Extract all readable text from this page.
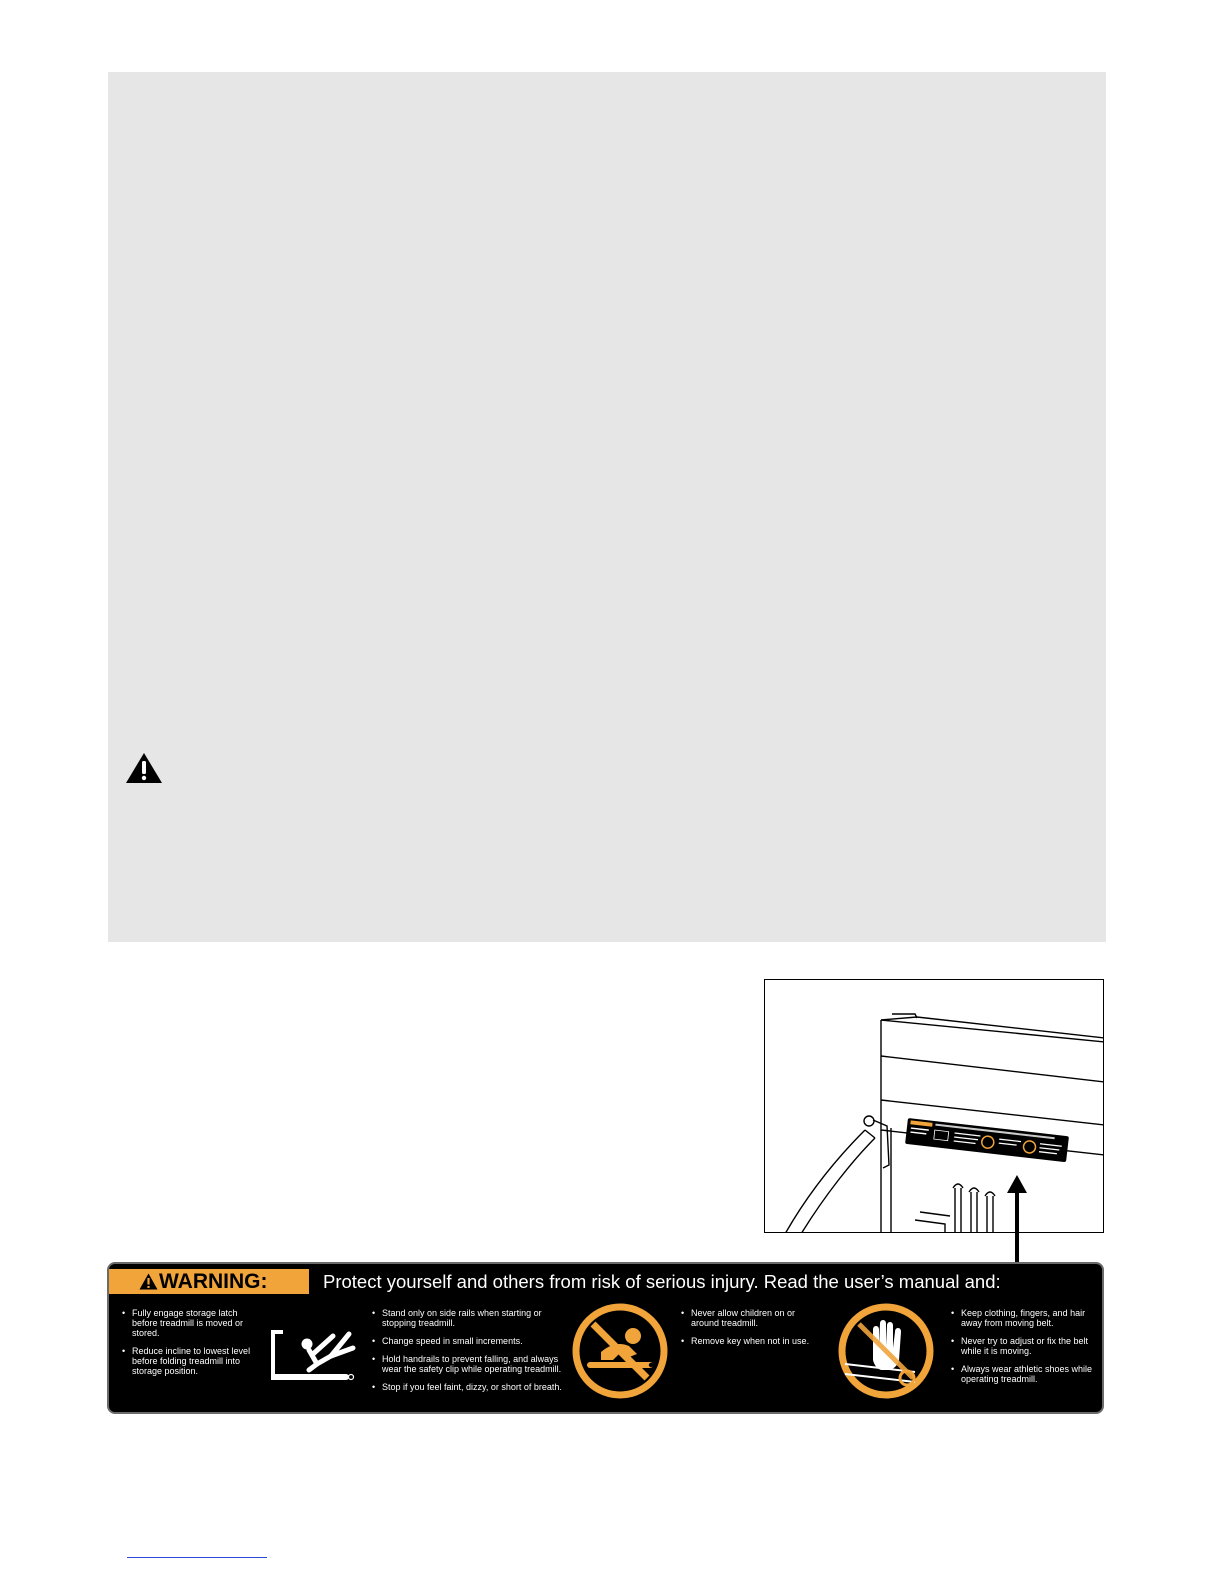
WARNING:	Protect yourself and others from risk of serious injury. Read the user’s manual and:
• Fully engage storage latch before treadmill is moved or stored.
• Reduce incline to lowest level before folding treadmill into storage position.
• Stand only on side rails when starting or stopping treadmill.
• Change speed in small increments.
• Hold handrails to prevent falling, and always wear the safety clip while operating treadmill.
• Stop if you feel faint, dizzy, or short of breath.
• Never allow children on or around treadmill.
• Remove key when not in use.
• Keep clothing, fingers, and hair away from moving belt.
• Never try to adjust or fix the belt while it is moving.
• Always wear athletic shoes while operating treadmill.
